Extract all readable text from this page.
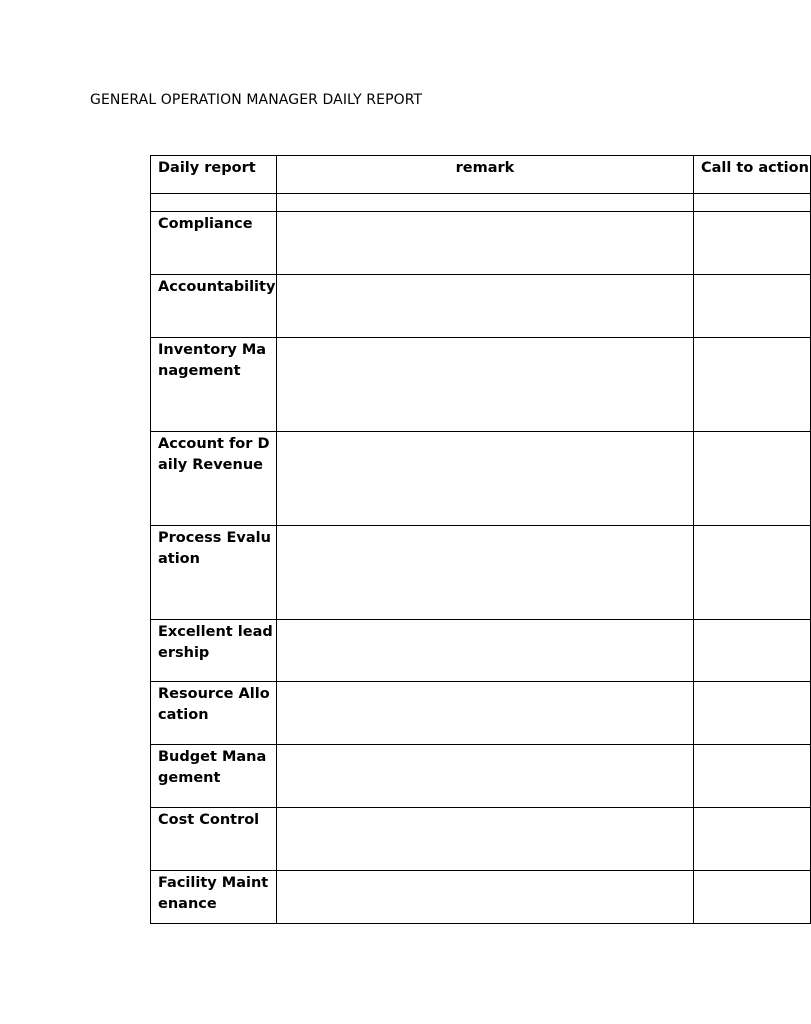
GENERAL OPERATION MANAGER DAILY REPORT
Daily report	remark	Call to action

Compliance		
Accountability		
Inventory Management		
Account for Daily Revenue		
Process Evaluation		
Excellent leadership		
Resource Allocation		
Budget Management		
Cost Control		
Facility Maintenance		
